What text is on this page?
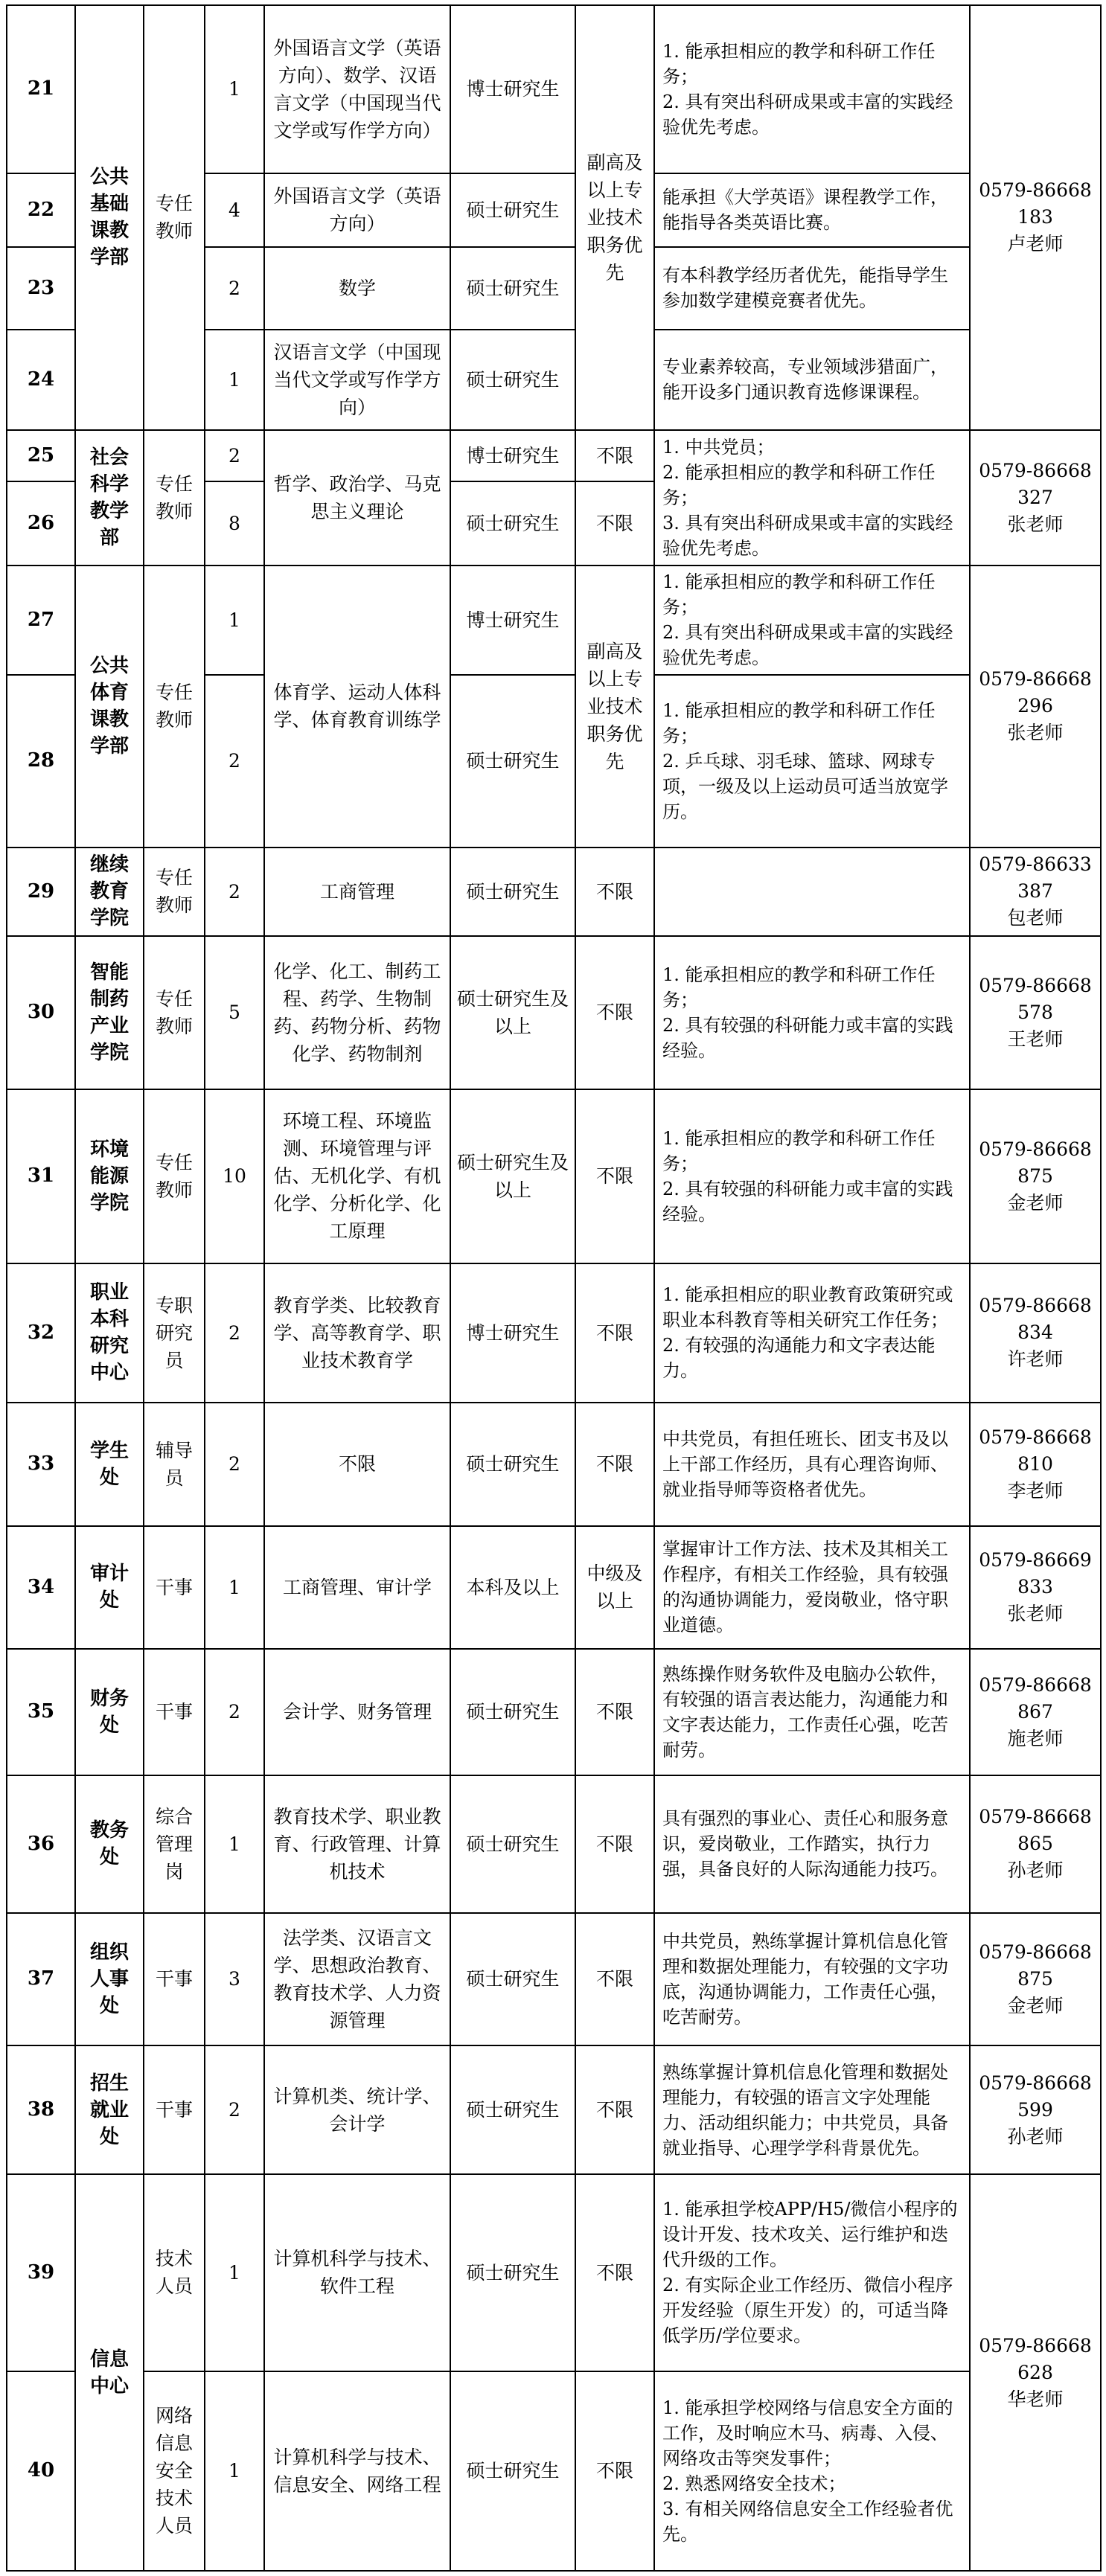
21	公共基础课教学部	专任教师	1	外国语言文学（英语方向）、数学、汉语言文学（中国现当代文学或写作学方向）	博士研究生	副高及以上专业技术职务优先	1. 能承担相应的教学和科研工作任务；
2. 具有突出科研成果或丰富的实践经验优先考虑。	0579-86668183
卢老师
22			4	外国语言文学（英语方向）	硕士研究生		能承担《大学英语》课程教学工作，能指导各类英语比赛。	
23			2	数学	硕士研究生		有本科教学经历者优先，能指导学生参加数学建模竞赛者优先。	
24			1	汉语言文学（中国现当代文学或写作学方向）	硕士研究生		专业素养较高，专业领域涉猎面广，能开设多门通识教育选修课课程。	
25	社会科学教学部	专任教师	2	哲学、政治学、马克思主义理论	博士研究生	不限	1. 中共党员；
2. 能承担相应的教学和科研工作任务；
3. 具有突出科研成果或丰富的实践经验优先考虑。	0579-86668327
张老师
26			8		硕士研究生	不限		
27	公共体育课教学部	专任教师	1	体育学、运动人体科学、体育教育训练学	博士研究生	副高及以上专业技术职务优先	1. 能承担相应的教学和科研工作任务；
2. 具有突出科研成果或丰富的实践经验优先考虑。	0579-86668296
张老师
28			2		硕士研究生		1. 能承担相应的教学和科研工作任务；
2. 乒乓球、羽毛球、篮球、网球专项，一级及以上运动员可适当放宽学历。	
29	继续教育学院	专任教师	2	工商管理	硕士研究生	不限		0579-86633387
包老师
30	智能制药产业学院	专任教师	5	化学、化工、制药工程、药学、生物制药、药物分析、药物化学、药物制剂	硕士研究生及以上	不限	1. 能承担相应的教学和科研工作任务；
2. 具有较强的科研能力或丰富的实践经验。	0579-86668578
王老师
31	环境能源学院	专任教师	10	环境工程、环境监测、环境管理与评估、无机化学、有机化学、分析化学、化工原理	硕士研究生及以上	不限	1. 能承担相应的教学和科研工作任务；
2. 具有较强的科研能力或丰富的实践经验。	0579-86668875
金老师
32	职业本科研究中心	专职研究员	2	教育学类、比较教育学、高等教育学、职业技术教育学	博士研究生	不限	1. 能承担相应的职业教育政策研究或职业本科教育等相关研究工作任务；
2. 有较强的沟通能力和文字表达能力。	0579-86668834
许老师
33	学生处	辅导员	2	不限	硕士研究生	不限	中共党员，有担任班长、团支书及以上干部工作经历，具有心理咨询师、就业指导师等资格者优先。	0579-86668810
李老师
34	审计处	干事	1	工商管理、审计学	本科及以上	中级及以上	掌握审计工作方法、技术及其相关工作程序，有相关工作经验，具有较强的沟通协调能力，爱岗敬业，恪守职业道德。	0579-86669833
张老师
35	财务处	干事	2	会计学、财务管理	硕士研究生	不限	熟练操作财务软件及电脑办公软件，有较强的语言表达能力，沟通能力和文字表达能力，工作责任心强，吃苦耐劳。	0579-86668867
施老师
36	教务处	综合管理岗	1	教育技术学、职业教育、行政管理、计算机技术	硕士研究生	不限	具有强烈的事业心、责任心和服务意识，爱岗敬业，工作踏实，执行力强，具备良好的人际沟通能力技巧。	0579-86668865
孙老师
37	组织人事处	干事	3	法学类、汉语言文学、思想政治教育、教育技术学、人力资源管理	硕士研究生	不限	中共党员，熟练掌握计算机信息化管理和数据处理能力，有较强的文字功底，沟通协调能力，工作责任心强，吃苦耐劳。	0579-86668875
金老师
38	招生就业处	干事	2	计算机类、统计学、会计学	硕士研究生	不限	熟练掌握计算机信息化管理和数据处理能力，有较强的语言文字处理能力、活动组织能力；中共党员，具备就业指导、心理学学科背景优先。	0579-86668599
孙老师
39	信息中心	技术人员	1	计算机科学与技术、软件工程	硕士研究生	不限	1. 能承担学校APP/H5/微信小程序的设计开发、技术攻关、运行维护和迭代升级的工作。
2. 有实际企业工作经历、微信小程序开发经验（原生开发）的，可适当降低学历/学位要求。	0579-86668628
华老师
40		网络信息安全技术人员	1	计算机科学与技术、信息安全、网络工程	硕士研究生	不限	1. 能承担学校网络与信息安全方面的工作，及时响应木马、病毒、入侵、网络攻击等突发事件；
2. 熟悉网络安全技术；
3. 有相关网络信息安全工作经验者优先。	
